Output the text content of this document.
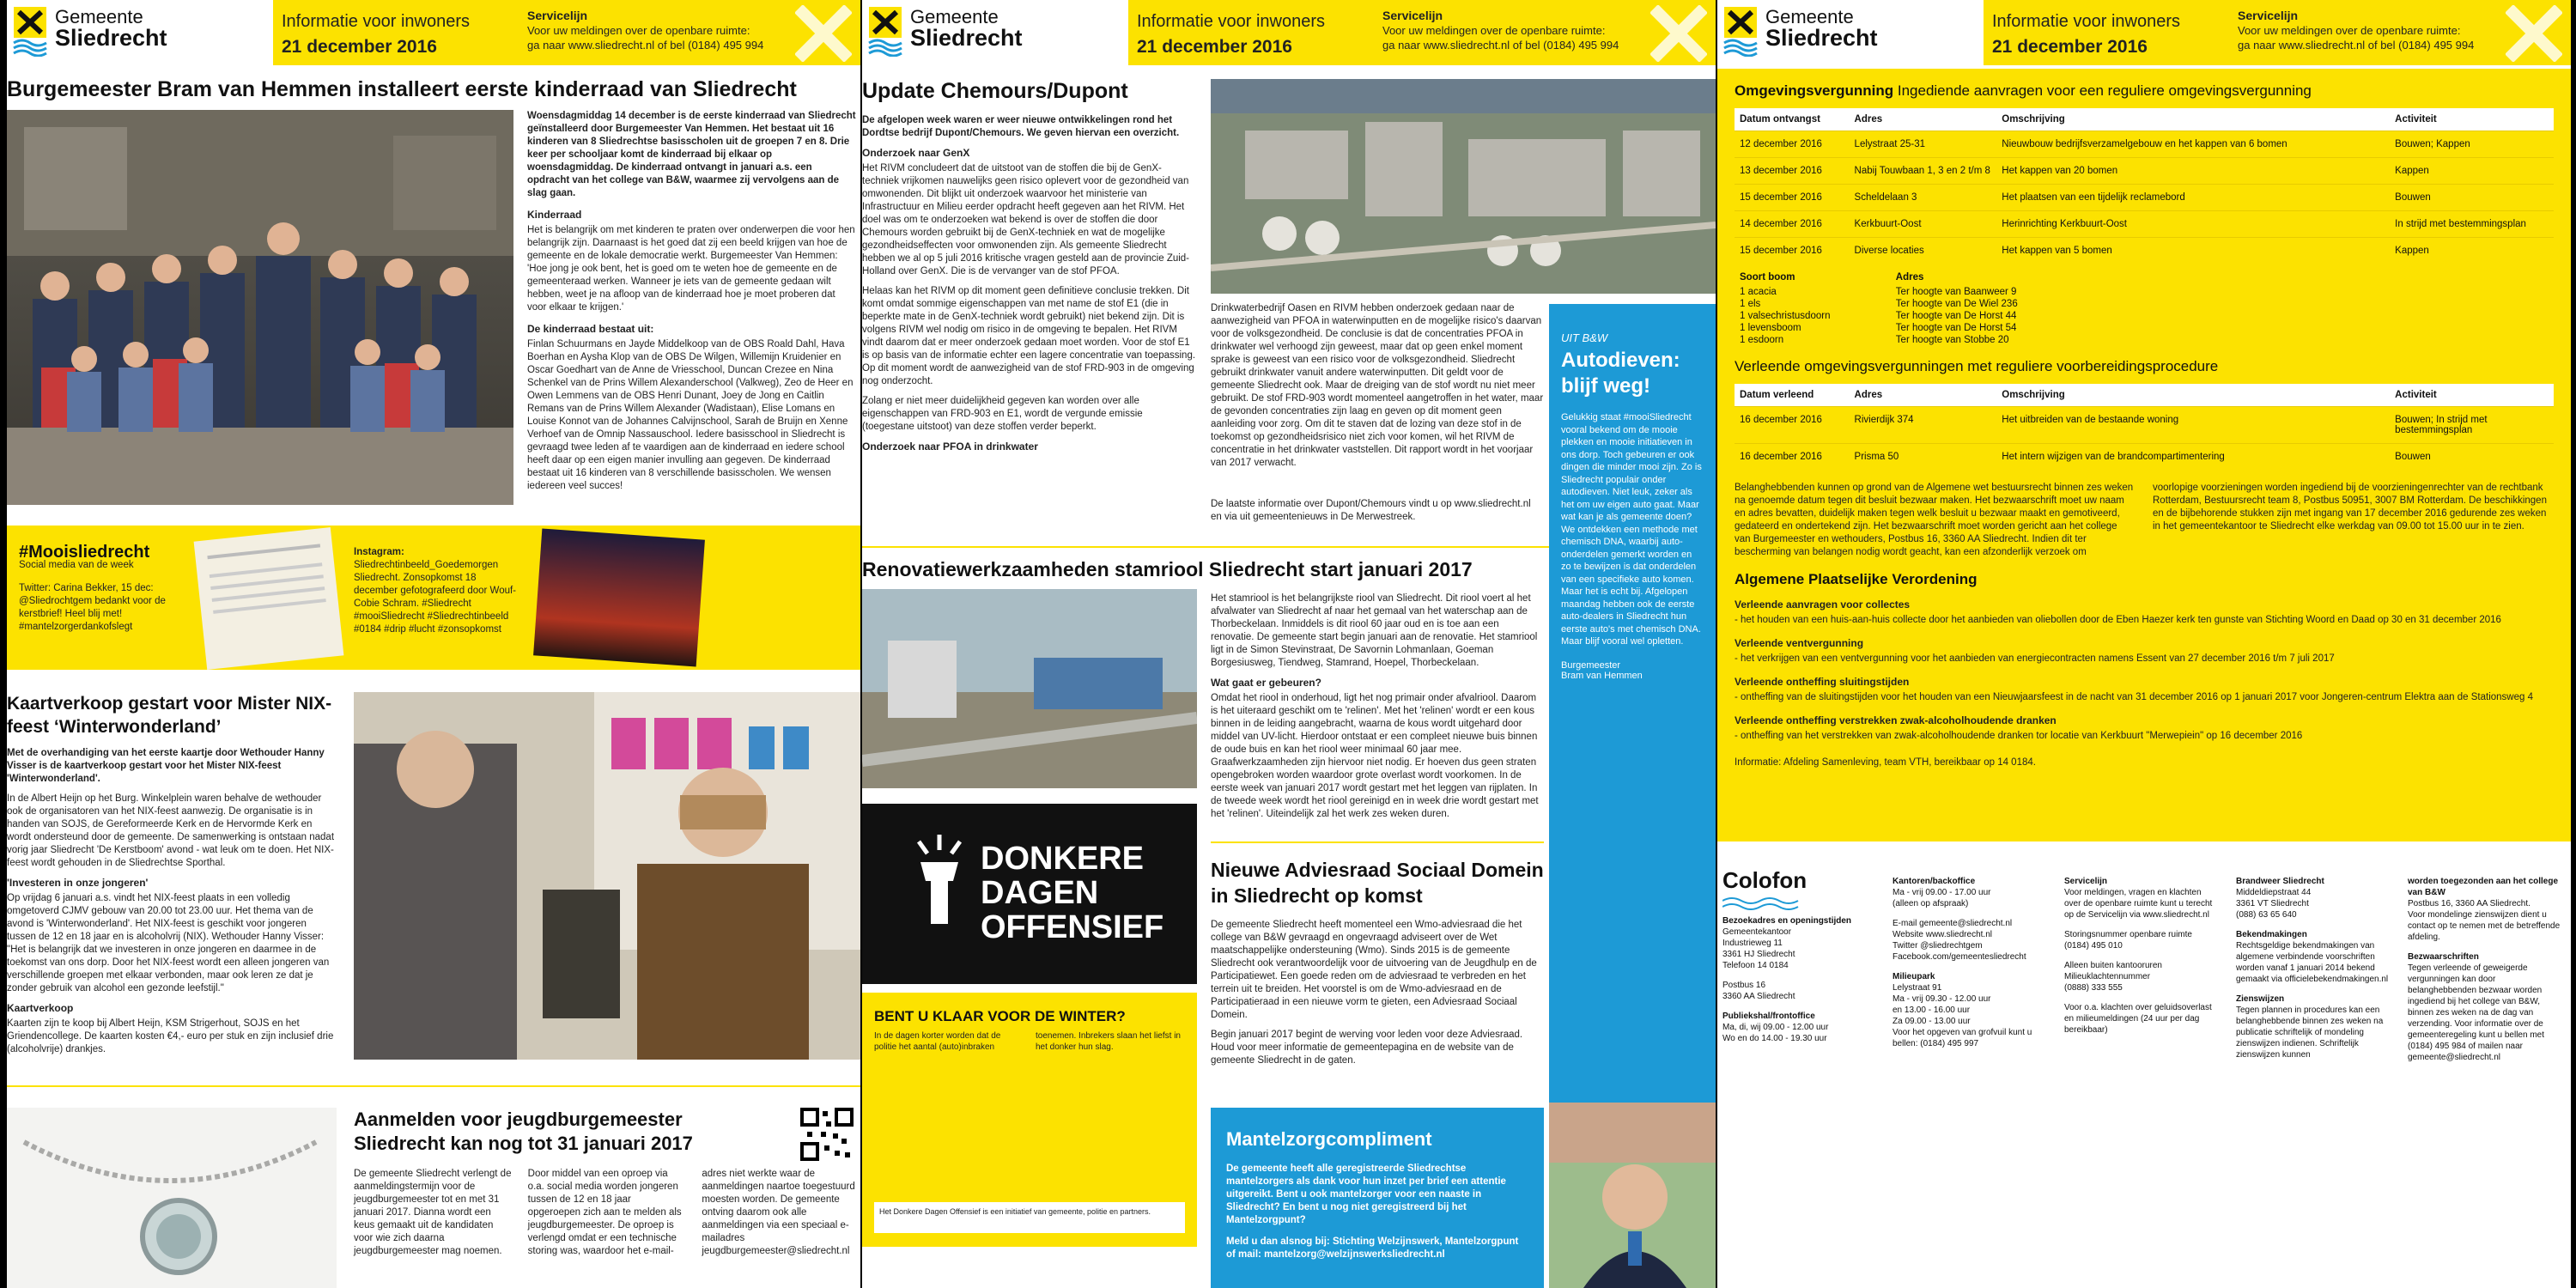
Gemeente
Sliedrecht
Informatie voor inwoners
21 december 2016
Servicelijn
Voor uw meldingen over de openbare ruimte:
ga naar www.sliedrecht.nl of bel (0184) 495 994
Burgemeester Bram van Hemmen installeert eerste kinderraad van Sliedrecht

Woensdagmiddag 14 december is de eerste kinderraad van Sliedrecht geïnstalleerd door Burgemeester Van Hemmen. Het bestaat uit 16 kinderen van 8 Sliedrechtse basisscholen uit de groepen 7 en 8. Drie keer per schooljaar komt de kinderraad bij elkaar op woensdagmiddag. De kinderraad ontvangt in januari a.s. een opdracht van het college van B&W, waarmee zij vervolgens aan de slag gaan.

Kinderraad

Het is belangrijk om met kinderen te praten over onderwerpen die voor hen belangrijk zijn. Daarnaast is het goed dat zij een beeld krijgen van hoe de gemeente en de lokale democratie werkt. Burgemeester Van Hemmen: 'Hoe jong je ook bent, het is goed om te weten hoe de gemeente en de gemeenteraad werken. Wanneer je iets van de gemeente gedaan wilt hebben, weet je na afloop van de kinderraad hoe je moet proberen dat voor elkaar te krijgen.'

De kinderraad bestaat uit:

Finlan Schuurmans en Jayde Middelkoop van de OBS Roald Dahl, Hava Boerhan en Aysha Klop van de OBS De Wilgen, Willemijn Kruidenier en Oscar Goedhart van de Anne de Vriesschool, Duncan Crezee en Nina Schenkel van de Prins Willem Alexanderschool (Valkweg), Zeo de Heer en Owen Lemmens van de OBS Henri Dunant, Joey de Jong en Caitlin Remans van de Prins Willem Alexander (Wadistaan), Elise Lomans en Louise Konnot van de Johannes Calvijnschool, Sarah de Bruijn en Xenne Verhoef van de Omnip Nassauschool. Iedere basisschool in Sliedrecht is gevraagd twee leden af te vaardigen aan de kinderraad en iedere school heeft daar op een eigen manier invulling aan gegeven. De kinderraad bestaat uit 16 kinderen van 8 verschillende basisscholen. We wensen iedereen veel succes!

#Mooisliedrecht
Social media van de week
Twitter: Carina Bekker, 15 dec: @Sliedrochtgem bedankt voor de kerstbrief! Heel blij met! #mantelzorgerdankofslegt
Instagram:
Sliedrechtinbeeld_Goedemorgen Sliedrecht. Zonsopkomst 18 december gefotografeerd door Wouf-Cobie Schram. #Sliedrecht #mooiSliedrecht #Sliedrechtinbeeld #0184 #drip #lucht #zonsopkomst
Kaartverkoop gestart voor Mister NIX-feest ‘Winterwonderland’

Met de overhandiging van het eerste kaartje door Wethouder Hanny Visser is de kaartverkoop gestart voor het Mister NIX-feest 'Winterwonderland'.

In de Albert Heijn op het Burg. Winkelplein waren behalve de wethouder ook de organisatoren van het NIX-feest aanwezig. De organisatie is in handen van SOJS, de Gereformeerde Kerk en de Hervormde Kerk en wordt ondersteund door de gemeente. De samenwerking is ontstaan nadat vorig jaar Sliedrecht 'De Kerstboom' avond - wat leuk om te doen. Het NIX-feest wordt gehouden in de Sliedrechtse Sporthal.

'Investeren in onze jongeren'

Op vrijdag 6 januari a.s. vindt het NIX-feest plaats in een volledig omgetoverd CJMV gebouw van 20.00 tot 23.00 uur. Het thema van de avond is 'Winterwonderland'. Het NIX-feest is geschikt voor jongeren tussen de 12 en 18 jaar en is alcoholvrij (NIX). Wethouder Hanny Visser: "Het is belangrijk dat we investeren in onze jongeren en daarmee in de toekomst van ons dorp. Door het NIX-feest wordt een alleen jongeren van verschillende groepen met elkaar verbonden, maar ook leren ze dat je zonder gebruik van alcohol een gezonde leefstijl."

Kaartverkoop

Kaarten zijn te koop bij Albert Heijn, KSM Strigerhout, SOJS en het Griendencollege. De kaarten kosten €4,- euro per stuk en zijn inclusief drie (alcoholvrije) drankjes.

Aanmelden voor jeugdburgemeester Sliedrecht kan nog tot 31 januari 2017

De gemeente Sliedrecht verlengt de aanmeldingstermijn voor de jeugdburgemeester tot en met 31 januari 2017. Dianna wordt een keus gemaakt uit de kandidaten voor wie zich daarna jeugdburgemeester mag noemen.

Door middel van een oproep via o.a. social media worden jongeren tussen de 12 en 18 jaar opgeroepen zich aan te melden als jeugdburgemeester. De oproep is verlengd omdat er een technische storing was, waardoor het e-mail-

adres niet werkte waar de aanmeldingen naartoe toegestuurd moesten worden. De gemeente ontving daarom ook alle aanmeldingen via een speciaal e-mailadres jeugdburgemeester@sliedrecht.nl

Gemeente
Sliedrecht
Informatie voor inwoners
21 december 2016
Servicelijn
Voor uw meldingen over de openbare ruimte:
ga naar www.sliedrecht.nl of bel (0184) 495 994
Update Chemours/Dupont

De afgelopen week waren er weer nieuwe ontwikkelingen rond het Dordtse bedrijf Dupont/Chemours. We geven hiervan een overzicht.

Onderzoek naar GenX

Het RIVM concludeert dat de uitstoot van de stoffen die bij de GenX-techniek vrijkomen nauwelijks geen risico oplevert voor de gezondheid van omwonenden. Dit blijkt uit onderzoek waarvoor het ministerie van Infrastructuur en Milieu eerder opdracht heeft gegeven aan het RIVM. Het doel was om te onderzoeken wat bekend is over de stoffen die door Chemours worden gebruikt bij de GenX-techniek en wat de mogelijke gezondheidseffecten voor omwonenden zijn. Als gemeente Sliedrecht hebben we al op 5 juli 2016 kritische vragen gesteld aan de provincie Zuid-Holland over GenX. Die is de vervanger van de stof PFOA.

Helaas kan het RIVM op dit moment geen definitieve conclusie trekken. Dit komt omdat sommige eigenschappen van met name de stof E1 (die in beperkte mate in de GenX-techniek wordt gebruikt) niet bekend zijn. Dit is volgens RIVM wel nodig om risico in de omgeving te bepalen. Het RIVM vindt daarom dat er meer onderzoek gedaan moet worden. Voor de stof E1 is op basis van de informatie echter een lagere concentratie van toepassing. Op dit moment wordt de aanwezigheid van de stof FRD-903 in de omgeving nog onderzocht.

Zolang er niet meer duidelijkheid gegeven kan worden over alle eigenschappen van FRD-903 en E1, wordt de vergunde emissie (toegestane uitstoot) van deze stoffen verder beperkt.

Onderzoek naar PFOA in drinkwater

Drinkwaterbedrijf Oasen en RIVM hebben onderzoek gedaan naar de aanwezigheid van PFOA in waterwinputten en de mogelijke risico's daarvan voor de volksgezondheid. De conclusie is dat de concentraties PFOA in drinkwater wel verhoogd zijn geweest, maar dat op geen enkel moment sprake is geweest van een risico voor de volksgezondheid. Sliedrecht gebruikt drinkwater vanuit andere waterwinputten. Dit geldt voor de gemeente Sliedrecht ook. Maar de dreiging van de stof wordt nu niet meer gebruikt. De stof FRD-903 wordt momenteel aangetroffen in het water, maar de gevonden concentraties zijn laag en geven op dit moment geen aanleiding voor zorg. Om dit te staven dat de lozing van deze stof in de toekomst op gezondheidsrisico niet zich voor komen, wil het RIVM de concentratie in het drinkwater vaststellen. Dit rapport wordt in het voorjaar van 2017 verwacht.

De laatste informatie over Dupont/Chemours vindt u op www.sliedrecht.nl en via uit gemeentenieuws in De Merwestreek.

Renovatiewerkzaamheden stamriool Sliedrecht start januari 2017

Het stamriool is het belangrijkste riool van Sliedrecht. Dit riool voert al het afvalwater van Sliedrecht af naar het gemaal van het waterschap aan de Thorbeckelaan. Inmiddels is dit riool 60 jaar oud en is toe aan een renovatie. De gemeente start begin januari aan de renovatie. Het stamriool ligt in de Simon Stevinstraat, De Savornin Lohmanlaan, Goeman Borgesiusweg, Tiendweg, Stamrand, Hoepel, Thorbeckelaan.

Wat gaat er gebeuren?

Omdat het riool in onderhoud, ligt het nog primair onder afvalriool. Daarom is het uiteraard geschikt om te 'relinen'. Met het 'relinen' wordt er een kous binnen in de leiding aangebracht, waarna de kous wordt uitgehard door middel van UV-licht. Hierdoor ontstaat er een compleet nieuwe buis binnen de oude buis en kan het riool weer minimaal 60 jaar mee. Graafwerkzaamheden zijn hiervoor niet nodig. Er hoeven dus geen straten opengebroken worden waardoor grote overlast wordt voorkomen. In de eerste week van januari 2017 wordt gestart met het leggen van rijplaten. In de tweede week wordt het riool gereinigd en in week drie wordt gestart met het 'relinen'. Uiteindelijk zal het werk zes weken duren.

DONKERE
DAGEN
OFFENSIEF
BENT U KLAAR VOOR DE WINTER?

In de dagen korter worden dat de politie het aantal (auto)inbraken toenemen. Inbrekers slaan het liefst in het donker hun slag.

Het Donkere Dagen Offensief is een initiatief van gemeente, politie en partners.
Nieuwe Adviesraad Sociaal Domein in Sliedrecht op komst

De gemeente Sliedrecht heeft momenteel een Wmo-adviesraad die het college van B&W gevraagd en ongevraagd adviseert over de Wet maatschappelijke ondersteuning (Wmo). Sinds 2015 is de gemeente Sliedrecht ook verantwoordelijk voor de uitvoering van de Jeugdhulp en de Participatiewet. Een goede reden om de adviesraad te verbreden en het terrein uit te breiden. Het voorstel is om de Wmo-adviesraad en de Participatieraad in een nieuwe vorm te gieten, een Adviesraad Sociaal Domein.

Begin januari 2017 begint de werving voor leden voor deze Adviesraad. Houd voor meer informatie de gemeentepagina en de website van de gemeente Sliedrecht in de gaten.

UIT B&W
Autodieven: blijf weg!

Gelukkig staat #mooiSliedrecht vooral bekend om de mooie plekken en mooie initiatieven in ons dorp. Toch gebeuren er ook dingen die minder mooi zijn. Zo is Sliedrecht populair onder autodieven. Niet leuk, zeker als het om uw eigen auto gaat. Maar wat kan je als gemeente doen? We ontdekken een methode met chemisch DNA, waarbij auto-onderdelen gemerkt worden en zo te bewijzen is dat onderdelen van een specifieke auto komen. Maar het is echt bij. Afgelopen maandag hebben ook de eerste auto-dealers in Sliedrecht hun eerste auto's met chemisch DNA. Maar blijf vooral wel opletten.

Burgemeester

Bram van Hemmen

Mantelzorgcompliment

De gemeente heeft alle geregistreerde Sliedrechtse mantelzorgers als dank voor hun inzet per brief een attentie uitgereikt. Bent u ook mantelzorger voor een naaste in Sliedrecht? En bent u nog niet geregistreerd bij het Mantelzorgpunt?

Meld u dan alsnog bij: Stichting Welzijnswerk, Mantelzorgpunt of mail: mantelzorg@welzijnswerksliedrecht.nl

Gemeente
Sliedrecht
Informatie voor inwoners
21 december 2016
Servicelijn
Voor uw meldingen over de openbare ruimte:
ga naar www.sliedrecht.nl of bel (0184) 495 994
Omgevingsvergunning Ingediende aanvragen voor een reguliere omgevingsvergunning
Datum ontvangst	Adres	Omschrijving	Activiteit
12 december 2016	Lelystraat 25-31	Nieuwbouw bedrijfsverzamelgebouw en het kappen van 6 bomen	Bouwen; Kappen
13 december 2016	Nabij Touwbaan 1, 3 en 2 t/m 8	Het kappen van 20 bomen	Kappen
15 december 2016	Scheldelaan 3	Het plaatsen van een tijdelijk reclamebord	Bouwen
14 december 2016	Kerkbuurt-Oost	Herinrichting Kerkbuurt-Oost	In strijd met bestemmingsplan
15 december 2016	Diverse locaties	Het kappen van 5 bomen	Kappen
Soort boom	Adres
1 acacia	Ter hoogte van Baanweer 9
1 els	Ter hoogte van De Wiel 236
1 valsechristusdoorn	Ter hoogte van De Horst 44
1 levensboom	Ter hoogte van De Horst 54
1 esdoorn	Ter hoogte van Stobbe 20
Verleende omgevingsvergunningen met reguliere voorbereidingsprocedure
Datum verleend	Adres	Omschrijving	Activiteit
16 december 2016	Rivierdijk 374	Het uitbreiden van de bestaande woning	Bouwen; In strijd met bestemmingsplan
16 december 2016	Prisma 50	Het intern wijzigen van de brandcompartimentering	Bouwen

Belanghebbenden kunnen op grond van de Algemene wet bestuursrecht binnen zes weken na genoemde datum tegen dit besluit bezwaar maken. Het bezwaarschrift moet uw naam en adres bevatten, duidelijk maken tegen welk besluit u bezwaar maakt en gemotiveerd, gedateerd en ondertekend zijn. Het bezwaarschrift moet worden gericht aan het college van Burgemeester en wethouders, Postbus 16, 3360 AA Sliedrecht. Indien dit ter bescherming van belangen nodig wordt geacht, kan een afzonderlijk verzoek om

voorlopige voorzieningen worden ingediend bij de voorzieningenrechter van de rechtbank Rotterdam, Bestuursrecht team 8, Postbus 50951, 3007 BM Rotterdam. De beschikkingen en de bijbehorende stukken zijn met ingang van 17 december 2016 gedurende zes weken in het gemeentekantoor te Sliedrecht elke werkdag van 09.00 tot 15.00 uur in te zien.

Algemene Plaatselijke Verordening

Verleende aanvragen voor collectes

- het houden van een huis-aan-huis collecte door het aanbieden van oliebollen door de Eben Haezer kerk ten gunste van Stichting Woord en Daad op 30 en 31 december 2016

Verleende ventvergunning

- het verkrijgen van een ventvergunning voor het aanbieden van energiecontracten namens Essent van 27 december 2016 t/m 7 juli 2017

Verleende ontheffing sluitingstijden

- ontheffing van de sluitingstijden voor het houden van een Nieuwjaarsfeest in de nacht van 31 december 2016 op 1 januari 2017 voor Jongeren-centrum Elektra aan de Stationsweg 4

Verleende ontheffing verstrekken zwak-alcoholhoudende dranken

- ontheffing van het verstrekken van zwak-alcoholhoudende dranken tor locatie van Kerkbuurt "Merwepiein" op 16 december 2016

Informatie: Afdeling Samenleving, team VTH, bereikbaar op 14 0184.

Colofon
Bezoekadres en openingstijden
Gemeentekantoor
Industrieweg 11
3361 HJ Sliedrecht
Telefoon 14 0184
Postbus 16
3360 AA Sliedrecht
Publiekshal/frontoffice
Ma, di, wij 09.00 - 12.00 uur
Wo en do 14.00 - 19.30 uur
Kantoren/backoffice
Ma - vrij 09.00 - 17.00 uur
(alleen op afspraak)
E-mail gemeente@sliedrecht.nl
Website www.sliedrecht.nl
Twitter @sliedrechtgem
Facebook.com/gemeentesliedrecht
Milieupark
Lelystraat 91
Ma - vrij 09.30 - 12.00 uur
en 13.00 - 16.00 uur
Za 09.00 - 13.00 uur
Voor het opgeven van grofvuil kunt u bellen: (0184) 495 997
Servicelijn
Voor meldingen, vragen en klachten over de openbare ruimte kunt u terecht op de Servicelijn via www.sliedrecht.nl
Storingsnummer openbare ruimte
(0184) 495 010
Alleen buiten kantooruren
Milieuklachtennummer
(0888) 333 555
Voor o.a. klachten over geluidsoverlast en milieumeldingen (24 uur per dag bereikbaar)
Brandweer Sliedrecht
Middeldiepstraat 44
3361 VT Sliedrecht
(088) 63 65 640
Bekendmakingen
Rechtsgeldige bekendmakingen van algemene verbindende voorschriften worden vanaf 1 januari 2014 bekend gemaakt via officielebekendmakingen.nl
Zienswijzen
Tegen plannen in procedures kan een belanghebbende binnen zes weken na publicatie schriftelijk of mondeling zienswijzen indienen. Schriftelijk zienswijzen kunnen
worden toegezonden aan het college van B&W
Postbus 16, 3360 AA Sliedrecht.
Voor mondelinge zienswijzen dient u contact op te nemen met de betreffende afdeling.
Bezwaarschriften
Tegen verleende of geweigerde vergunningen kan door belanghebbenden bezwaar worden ingediend bij het college van B&W, binnen zes weken na de dag van verzending. Voor informatie over de gemeenteregeling kunt u bellen met (0184) 495 984 of mailen naar gemeente@sliedrecht.nl
